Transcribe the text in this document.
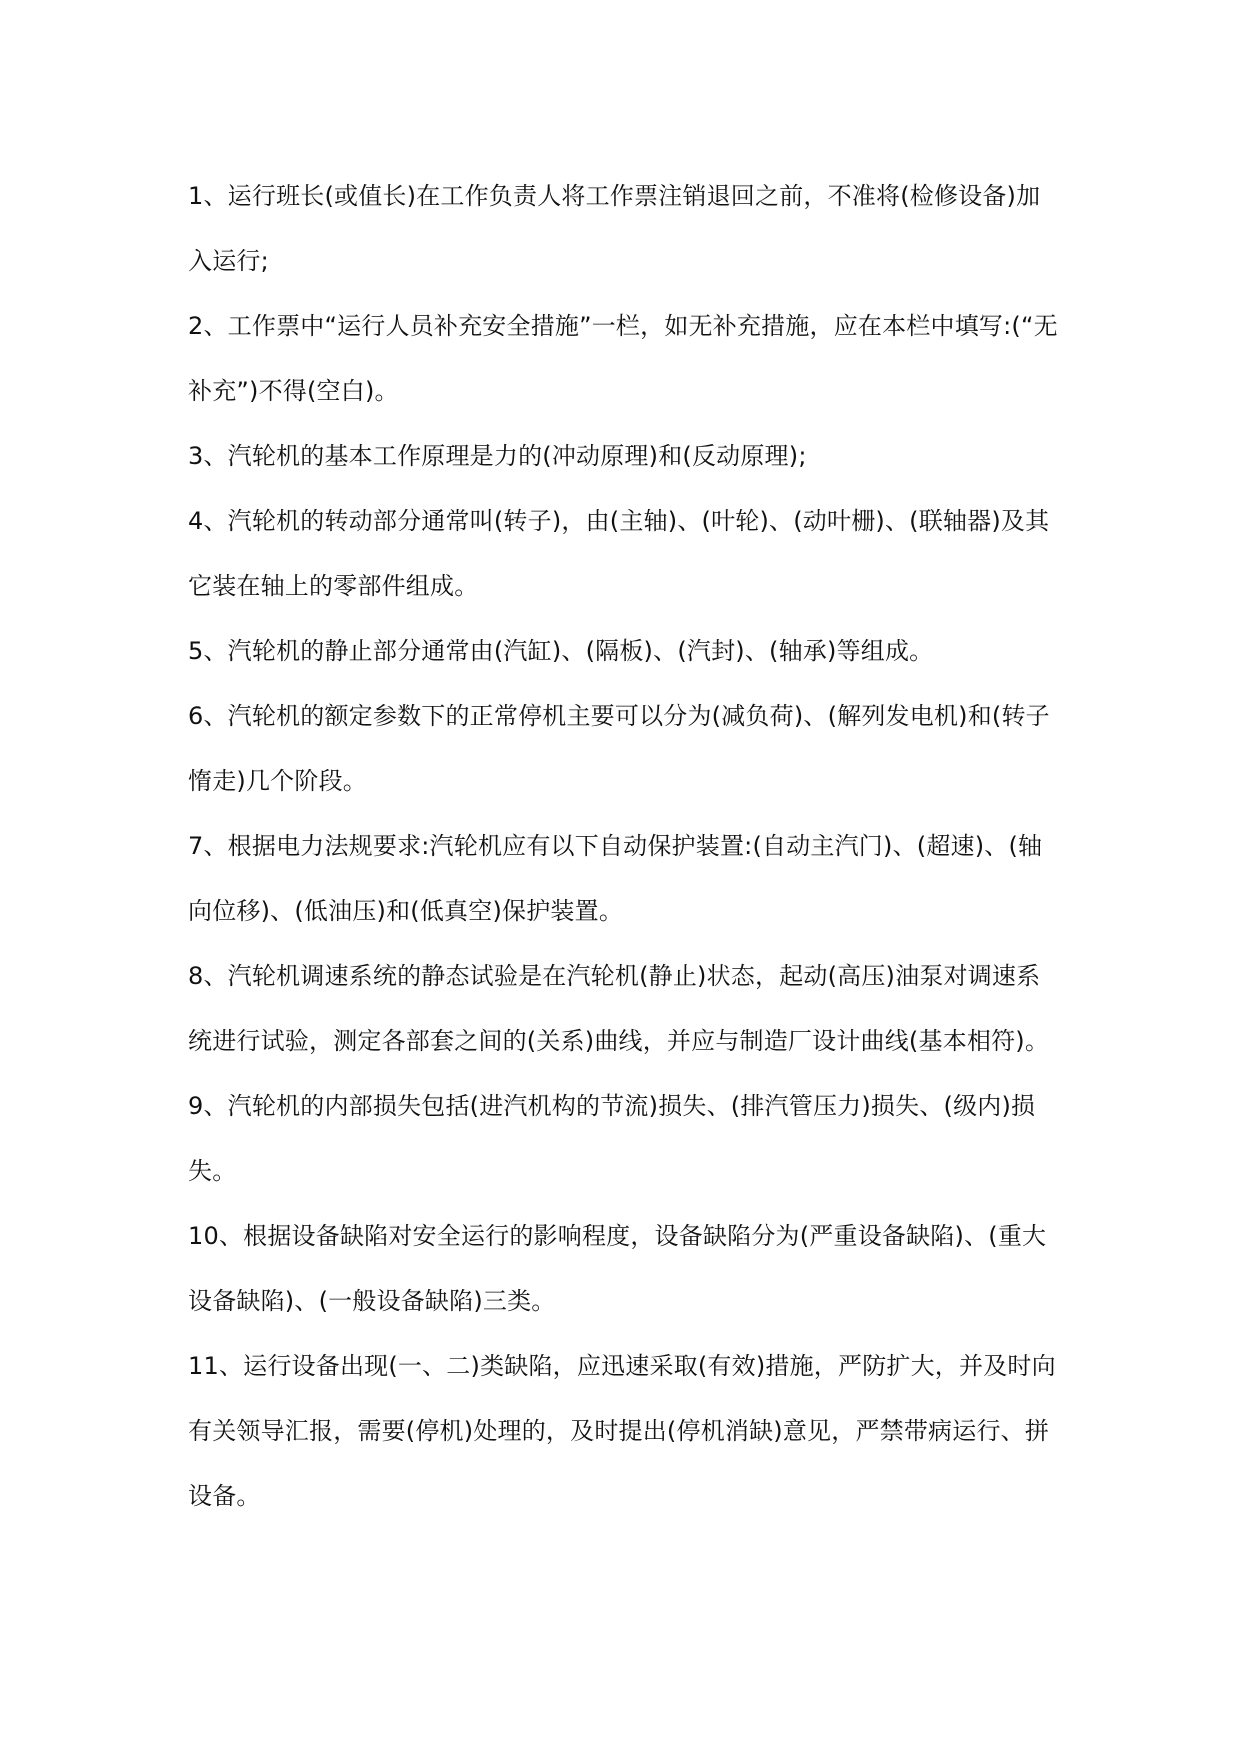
1、运行班长(或值长)在工作负责人将工作票注销退回之前，不准将(检修设备)加入运行;

2、工作票中“运行人员补充安全措施”一栏，如无补充措施，应在本栏中填写:(“无补充”)不得(空白)。

3、汽轮机的基本工作原理是力的(冲动原理)和(反动原理);

4、汽轮机的转动部分通常叫(转子)，由(主轴)、(叶轮)、(动叶栅)、(联轴器)及其它装在轴上的零部件组成。

5、汽轮机的静止部分通常由(汽缸)、(隔板)、(汽封)、(轴承)等组成。

6、汽轮机的额定参数下的正常停机主要可以分为(减负荷)、(解列发电机)和(转子惰走)几个阶段。

7、根据电力法规要求:汽轮机应有以下自动保护装置:(自动主汽门)、(超速)、(轴向位移)、(低油压)和(低真空)保护装置。

8、汽轮机调速系统的静态试验是在汽轮机(静止)状态，起动(高压)油泵对调速系统进行试验，测定各部套之间的(关系)曲线，并应与制造厂设计曲线(基本相符)。

9、汽轮机的内部损失包括(进汽机构的节流)损失、(排汽管压力)损失、(级内)损失。

10、根据设备缺陷对安全运行的影响程度，设备缺陷分为(严重设备缺陷)、(重大设备缺陷)、(一般设备缺陷)三类。

11、运行设备出现(一、二)类缺陷，应迅速采取(有效)措施，严防扩大，并及时向有关领导汇报，需要(停机)处理的，及时提出(停机消缺)意见，严禁带病运行、拼设备。
